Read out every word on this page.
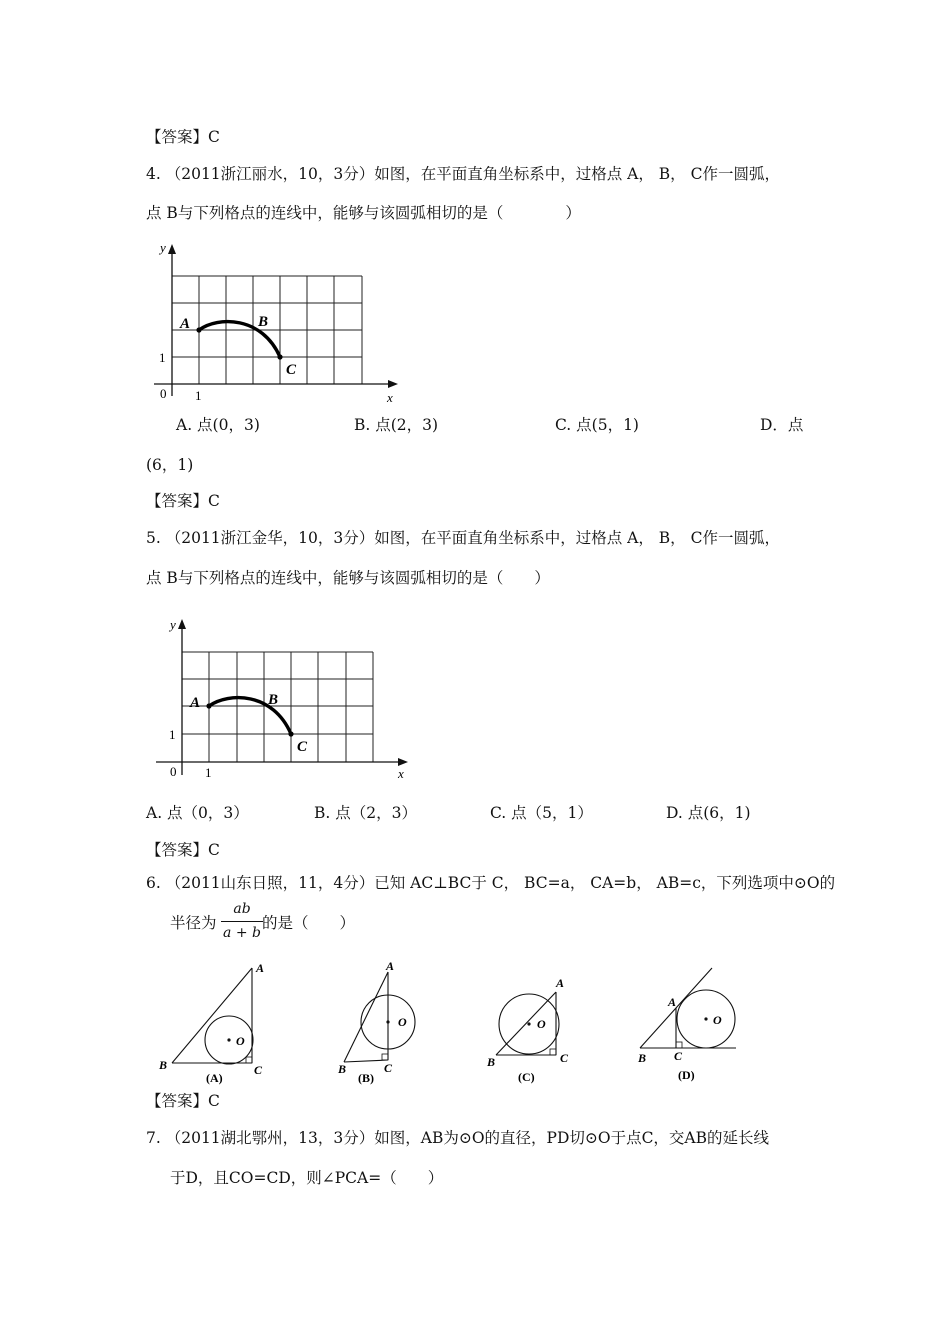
【答案】C
4. （2011浙江丽水，10，3分）如图，在平面直角坐标系中，过格点 A， B， C作一圆弧，
点 B与下列格点的连线中，能够与该圆弧相切的是（　　　　）
y
x
0 1
1
A	B
C
A. 点(0，3)	B. 点(2，3)	C. 点(5，1)	D．点
(6，1)
【答案】C
5. （2011浙江金华，10，3分）如图，在平面直角坐标系中，过格点 A， B， C作一圆弧，
点 B与下列格点的连线中，能够与该圆弧相切的是（　　）
y
x
0 1
1
A	B
C
A. 点（0，3）	B. 点（2，3）	C. 点（5，1）	D. 点(6，1)
【答案】C
6. （2011山东日照，11，4分）已知 AC⊥BC于 C， BC=a， CA=b， AB=c，下列选项中⊙O的
半径为
ab
a + b
的是（　　）
A
B	C
O
(A)
A
B	C
O
(B)
A
B	C
O
(C)
A
B C
O
(D)
【答案】C
7. （2011湖北鄂州，13，3分）如图，AB为⊙O的直径，PD切⊙O于点C，交AB的延长线
于D，且CO=CD，则∠PCA=（　　）
